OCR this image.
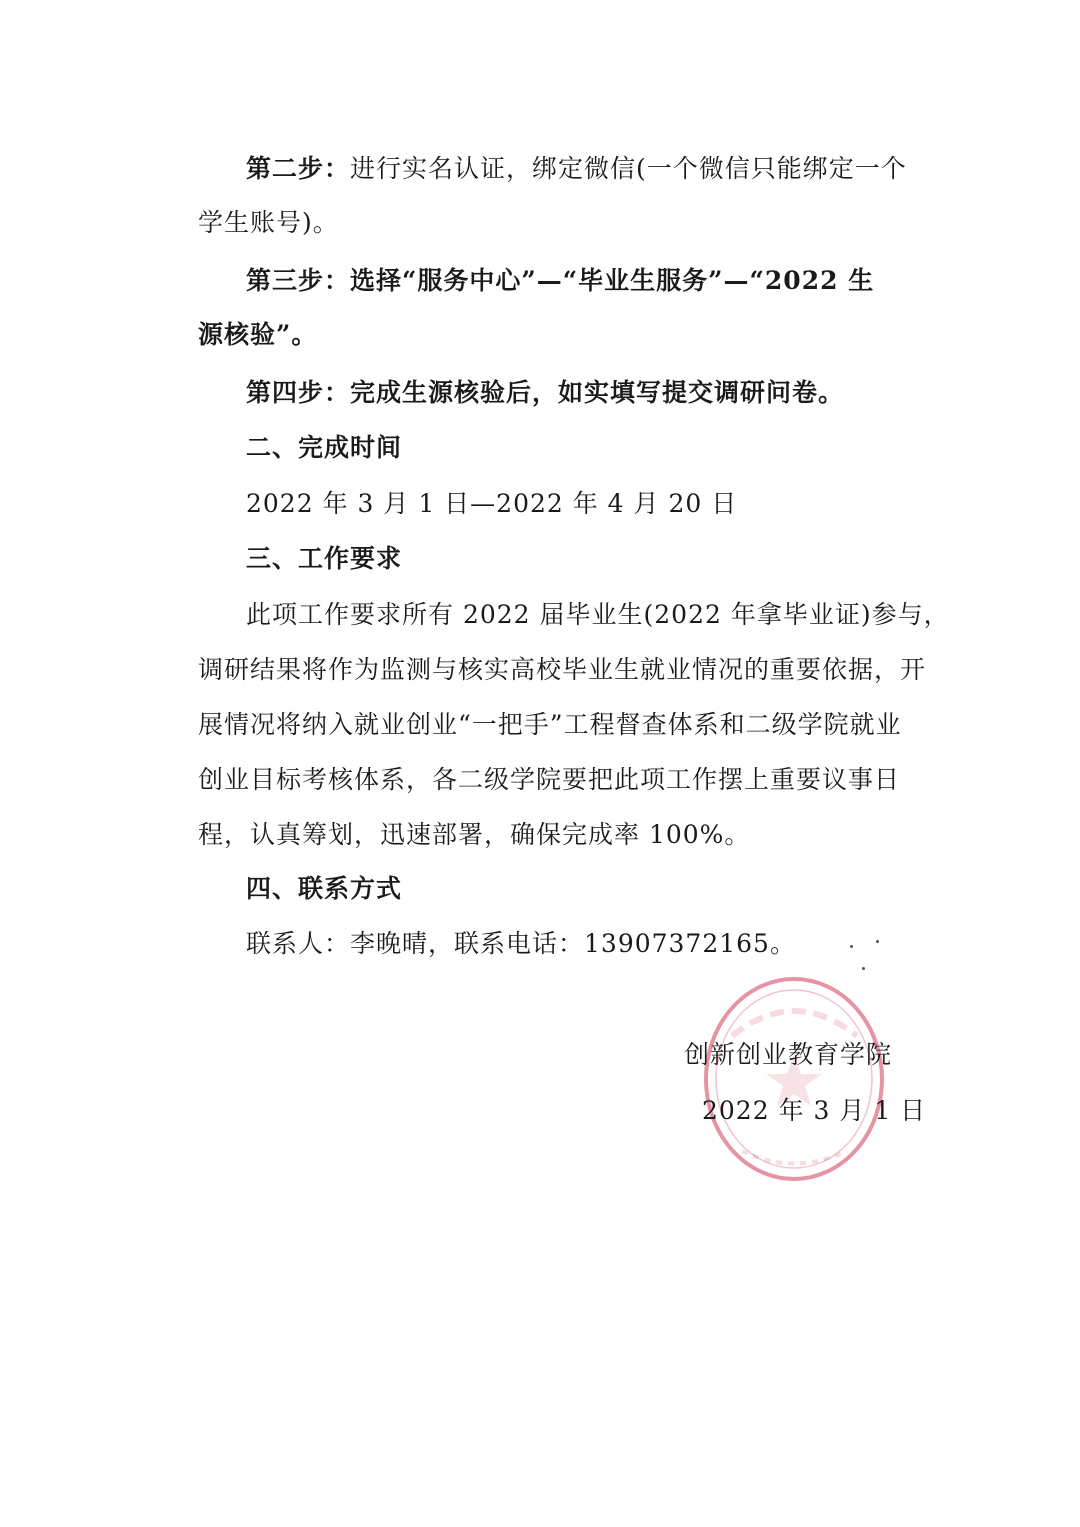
第二步：进行实名认证，绑定微信(一个微信只能绑定一个
学生账号)。
第三步：选择“服务中心”—“毕业生服务”—“2022 生
源核验”。
第四步：完成生源核验后，如实填写提交调研问卷。
二、完成时间
2022 年 3 月 1 日—2022 年 4 月 20 日
三、工作要求
此项工作要求所有 2022 届毕业生(2022 年拿毕业证)参与，
调研结果将作为监测与核实高校毕业生就业情况的重要依据，开
展情况将纳入就业创业“一把手”工程督查体系和二级学院就业
创业目标考核体系，各二级学院要把此项工作摆上重要议事日
程，认真筹划，迅速部署，确保完成率 100%。
四、联系方式
联系人：李晚晴，联系电话：13907372165。
创新创业教育学院
2022 年 3 月 1 日
